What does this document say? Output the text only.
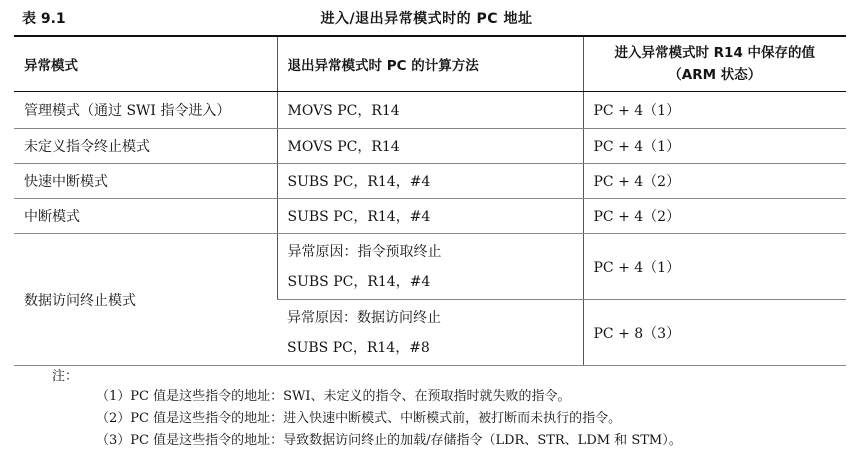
表 9.1	进入/退出异常模式时的 PC 地址
异常模式	退出异常模式时 PC 的计算方法	进入异常模式时 R14 中保存的值
（ARM 状态）

管理模式（通过 SWI 指令进入）	MOVS PC，R14	PC + 4（1）
未定义指令终止模式	MOVS PC，R14	PC + 4（1）
快速中断模式	SUBS PC，R14，#4	PC + 4（2）
中断模式	SUBS PC，R14，#4	PC + 4（2）
数据访问终止模式	异常原因：指令预取终止
SUBS PC，R14，#4	PC + 4（1）

	异常原因：数据访问终止
SUBS PC，R14，#8	PC + 8（3）
注：
（1）PC 值是这些指令的地址：SWI、未定义的指令、在预取指时就失败的指令。
（2）PC 值是这些指令的地址：进入快速中断模式、中断模式前，被打断而未执行的指令。
（3）PC 值是这些指令的地址：导致数据访问终止的加载/存储指令（LDR、STR、LDM 和 STM）。
